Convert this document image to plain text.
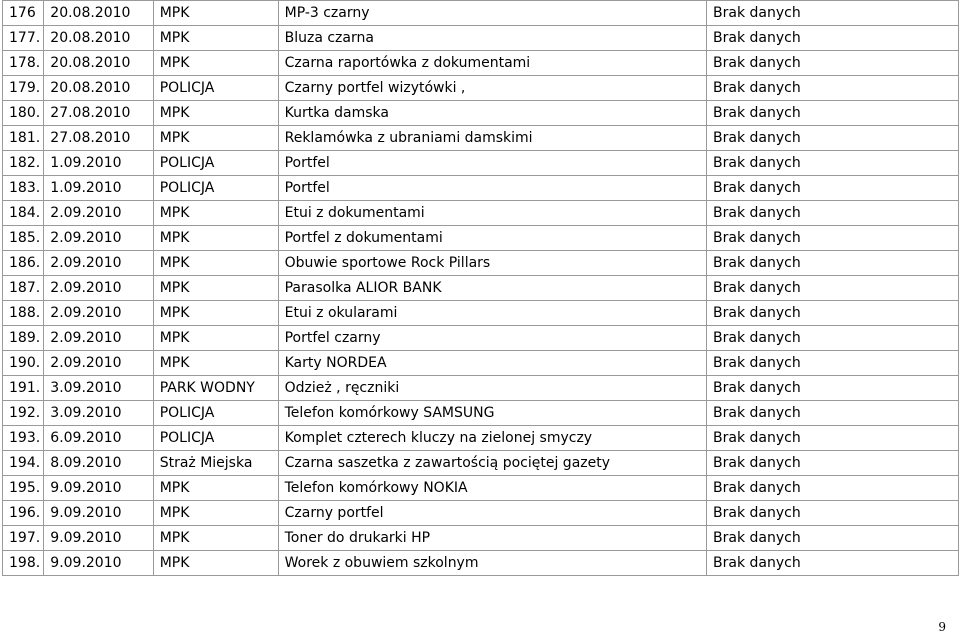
176	20.08.2010	MPK	MP-3 czarny	Brak danych
177.	20.08.2010	MPK	Bluza czarna	Brak danych
178.	20.08.2010	MPK	Czarna raportówka z dokumentami	Brak danych
179.	20.08.2010	POLICJA	Czarny portfel wizytówki ,	Brak danych
180.	27.08.2010	MPK	Kurtka damska	Brak danych
181.	27.08.2010	MPK	Reklamówka z ubraniami damskimi	Brak danych
182.	1.09.2010	POLICJA	Portfel	Brak danych
183.	1.09.2010	POLICJA	Portfel	Brak danych
184.	2.09.2010	MPK	Etui z dokumentami	Brak danych
185.	2.09.2010	MPK	Portfel z dokumentami	Brak danych
186.	2.09.2010	MPK	Obuwie sportowe Rock Pillars	Brak danych
187.	2.09.2010	MPK	Parasolka ALIOR BANK	Brak danych
188.	2.09.2010	MPK	Etui z okularami	Brak danych
189.	2.09.2010	MPK	Portfel czarny	Brak danych
190.	2.09.2010	MPK	Karty NORDEA	Brak danych
191.	3.09.2010	PARK WODNY	Odzież , ręczniki	Brak danych
192.	3.09.2010	POLICJA	Telefon komórkowy SAMSUNG	Brak danych
193.	6.09.2010	POLICJA	Komplet czterech kluczy na zielonej smyczy	Brak danych
194.	8.09.2010	Straż Miejska	Czarna saszetka z zawartością pociętej gazety	Brak danych
195.	9.09.2010	MPK	Telefon komórkowy NOKIA	Brak danych
196.	9.09.2010	MPK	Czarny portfel	Brak danych
197.	9.09.2010	MPK	Toner do drukarki HP	Brak danych
198.	9.09.2010	MPK	Worek z obuwiem szkolnym	Brak danych
9
